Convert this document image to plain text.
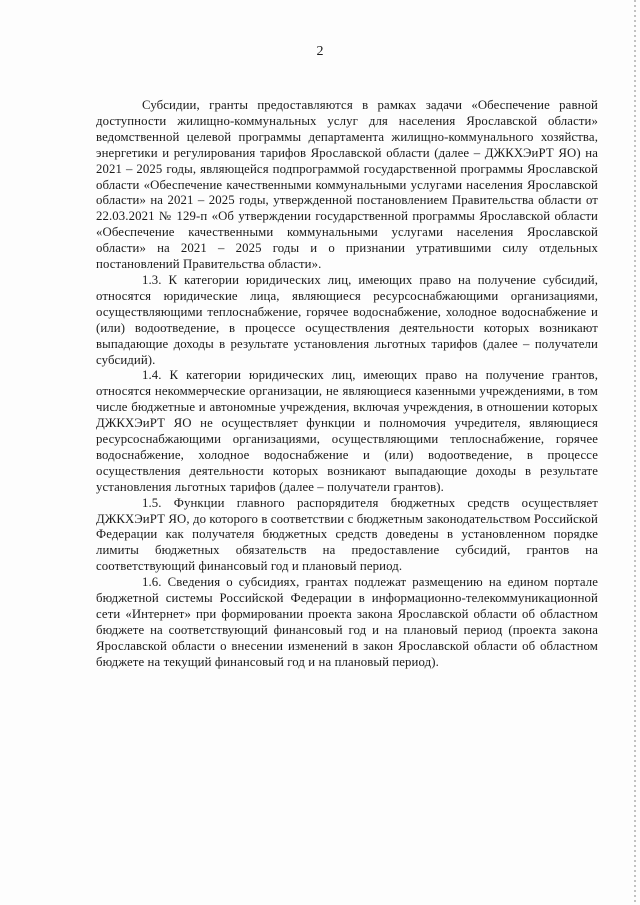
2

Субсидии, гранты предоставляются в рамках задачи «Обеспечение равной доступности жилищно-коммунальных услуг для населения Ярославской области» ведомственной целевой программы департамента жилищно-коммунального хозяйства, энергетики и регулирования тарифов Ярославской области (далее – ДЖКХЭиРТ ЯО) на 2021 – 2025 годы, являющейся подпрограммой государственной программы Ярославской области «Обеспечение качественными коммунальными услугами населения Ярославской области» на 2021 – 2025 годы, утвержденной постановлением Правительства области от 22.03.2021 № 129-п «Об утверждении государственной программы Ярославской области «Обеспечение качественными коммунальными услугами населения Ярославской области» на 2021 – 2025 годы и о признании утратившими силу отдельных постановлений Правительства области».

1.3. К категории юридических лиц, имеющих право на получение субсидий, относятся юридические лица, являющиеся ресурсоснабжающими организациями, осуществляющими теплоснабжение, горячее водоснабжение, холодное водоснабжение и (или) водоотведение, в процессе осуществления деятельности которых возникают выпадающие доходы в результате установления льготных тарифов (далее – получатели субсидий).

1.4. К категории юридических лиц, имеющих право на получение грантов, относятся некоммерческие организации, не являющиеся казенными учреждениями, в том числе бюджетные и автономные учреждения, включая учреждения, в отношении которых ДЖКХЭиРТ ЯО не осуществляет функции и полномочия учредителя, являющиеся ресурсоснабжающими организациями, осуществляющими теплоснабжение, горячее водоснабжение, холодное водоснабжение и (или) водоотведение, в процессе осуществления деятельности которых возникают выпадающие доходы в результате установления льготных тарифов (далее – получатели грантов).

1.5. Функции главного распорядителя бюджетных средств осуществляет ДЖКХЭиРТ ЯО, до которого в соответствии с бюджетным законодательством Российской Федерации как получателя бюджетных средств доведены в установленном порядке лимиты бюджетных обязательств на предоставление субсидий, грантов на соответствующий финансовый год и плановый период.

1.6. Сведения о субсидиях, грантах подлежат размещению на едином портале бюджетной системы Российской Федерации в информационно-телекоммуникационной сети «Интернет» при формировании проекта закона Ярославской области об областном бюджете на соответствующий финансовый год и на плановый период (проекта закона Ярославской области о внесении изменений в закон Ярославской области об областном бюджете на текущий финансовый год и на плановый период).
